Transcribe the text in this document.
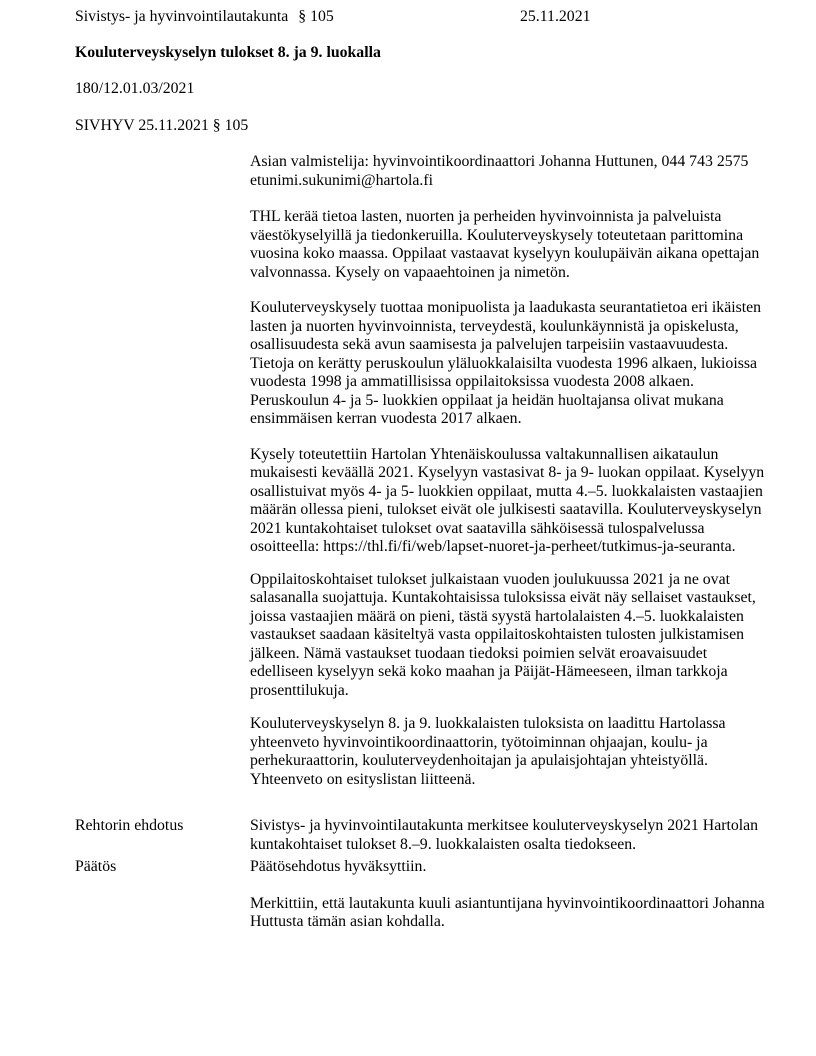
Sivistys- ja hyvinvointilautakunta § 105	25.11.2021
Kouluterveyskyselyn tulokset 8. ja 9. luokalla
180/12.01.03/2021
SIVHYV 25.11.2021 § 105
Asian valmistelija: hyvinvointikoordinaattori Johanna Huttunen, 044 743 2575 etunimi.sukunimi@hartola.fi
THL kerää tietoa lasten, nuorten ja perheiden hyvinvoinnista ja palveluista väestökyselyillä ja tiedonkeruilla. Kouluterveyskysely toteutetaan parittomina vuosina koko maassa. Oppilaat vastaavat kyselyyn koulupäivän aikana opettajan valvonnassa. Kysely on vapaaehtoinen ja nimetön.
Kouluterveyskysely tuottaa monipuolista ja laadukasta seurantatietoa eri ikäisten lasten ja nuorten hyvinvoinnista, terveydestä, koulunkäynnistä ja opiskelusta, osallisuudesta sekä avun saamisesta ja palvelujen tarpeisiin vastaavuudesta. Tietoja on kerätty peruskoulun yläluokkalaisilta vuodesta 1996 alkaen, lukioissa vuodesta 1998 ja ammatillisissa oppilaitoksissa vuodesta 2008 alkaen. Peruskoulun 4- ja 5- luokkien oppilaat ja heidän huoltajansa olivat mukana ensimmäisen kerran vuodesta 2017 alkaen.
Kysely toteutettiin Hartolan Yhtenäiskoulussa valtakunnallisen aikataulun mukaisesti keväällä 2021. Kyselyyn vastasivat 8- ja 9- luokan oppilaat. Kyselyyn osallistuivat myös 4- ja 5- luokkien oppilaat, mutta 4.–5. luokkalaisten vastaajien määrän ollessa pieni, tulokset eivät ole julkisesti saatavilla. Kouluterveyskyselyn 2021 kuntakohtaiset tulokset ovat saatavilla sähköisessä tulospalvelussa osoitteella: https://thl.fi/fi/web/lapset-nuoret-ja-perheet/tutkimus-ja-seuranta.
Oppilaitoskohtaiset tulokset julkaistaan vuoden joulukuussa 2021 ja ne ovat salasanalla suojattuja. Kuntakohtaisissa tuloksissa eivät näy sellaiset vastaukset, joissa vastaajien määrä on pieni, tästä syystä hartolalaisten 4.–5. luokkalaisten vastaukset saadaan käsiteltyä vasta oppilaitoskohtaisten tulosten julkistamisen jälkeen. Nämä vastaukset tuodaan tiedoksi poimien selvät eroavaisuudet edelliseen kyselyyn sekä koko maahan ja Päijät-Hämeeseen, ilman tarkkoja prosenttilukuja.
Kouluterveyskyselyn 8. ja 9. luokkalaisten tuloksista on laadittu Hartolassa yhteenveto hyvinvointikoordinaattorin, työtoiminnan ohjaajan, koulu- ja perhekuraattorin, kouluterveydenhoitajan ja apulaisjohtajan yhteistyöllä. Yhteenveto on esityslistan liitteenä.
Rehtorin ehdotus	Sivistys- ja hyvinvointilautakunta merkitsee kouluterveyskyselyn 2021 Hartolan kuntakohtaiset tulokset 8.–9. luokkalaisten osalta tiedokseen.
Päätös	Päätösehdotus hyväksyttiin.
Merkittiin, että lautakunta kuuli asiantuntijana hyvinvointikoordinaattori Johanna Huttusta tämän asian kohdalla.
